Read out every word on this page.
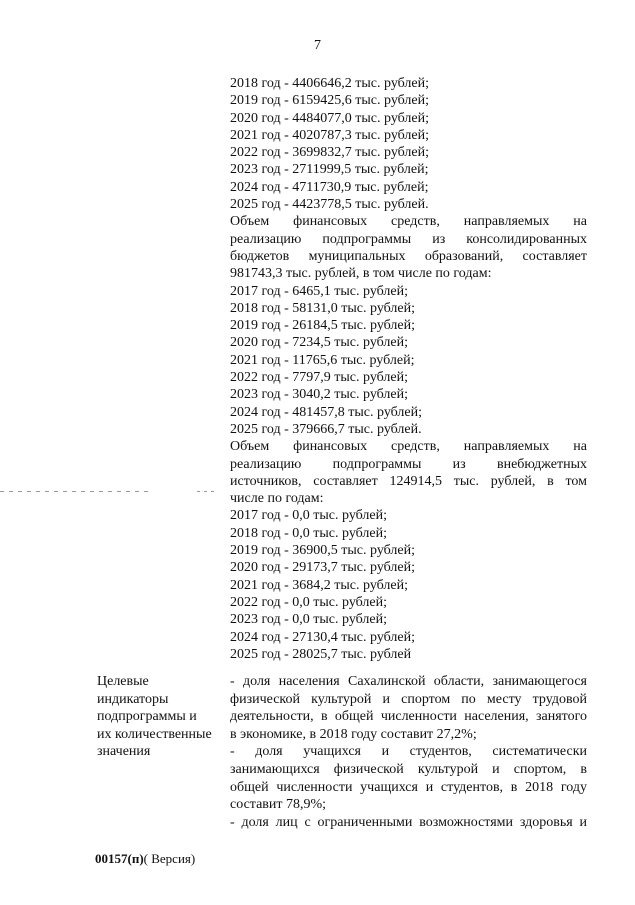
7
2018 год - 4406646,2 тыс. рублей;
2019 год - 6159425,6 тыс. рублей;
2020 год - 4484077,0 тыс. рублей;
2021 год - 4020787,3 тыс. рублей;
2022 год - 3699832,7 тыс. рублей;
2023 год - 2711999,5 тыс. рублей;
2024 год - 4711730,9 тыс. рублей;
2025 год - 4423778,5 тыс. рублей.
Объем финансовых средств, направляемых на
реализацию подпрограммы из консолидированных
бюджетов муниципальных образований, составляет
981743,3 тыс. рублей, в том числе по годам:
2017 год - 6465,1 тыс. рублей;
2018 год - 58131,0 тыс. рублей;
2019 год - 26184,5 тыс. рублей;
2020 год - 7234,5 тыс. рублей;
2021 год - 11765,6 тыс. рублей;
2022 год - 7797,9 тыс. рублей;
2023 год - 3040,2 тыс. рублей;
2024 год - 481457,8 тыс. рублей;
2025 год - 379666,7 тыс. рублей.
Объем финансовых средств, направляемых на
реализацию подпрограммы из внебюджетных
источников, составляет 124914,5 тыс. рублей, в том
числе по годам:
2017 год - 0,0 тыс. рублей;
2018 год - 0,0 тыс. рублей;
2019 год - 36900,5 тыс. рублей;
2020 год - 29173,7 тыс. рублей;
2021 год - 3684,2 тыс. рублей;
2022 год - 0,0 тыс. рублей;
2023 год - 0,0 тыс. рублей;
2024 год - 27130,4 тыс. рублей;
2025 год - 28025,7 тыс. рублей
Целевые
индикаторы
подпрограммы и
их количественные
значения
- доля населения Сахалинской области, занимающегося
физической культурой и спортом по месту трудовой
деятельности, в общей численности населения, занятого
в экономике, в 2018 году составит 27,2%;
- доля учащихся и студентов, систематически
занимающихся физической культурой и спортом, в
общей численности учащихся и студентов, в 2018 году
составит 78,9%;
- доля лиц с ограниченными возможностями здоровья и
00157(п)( Версия)
